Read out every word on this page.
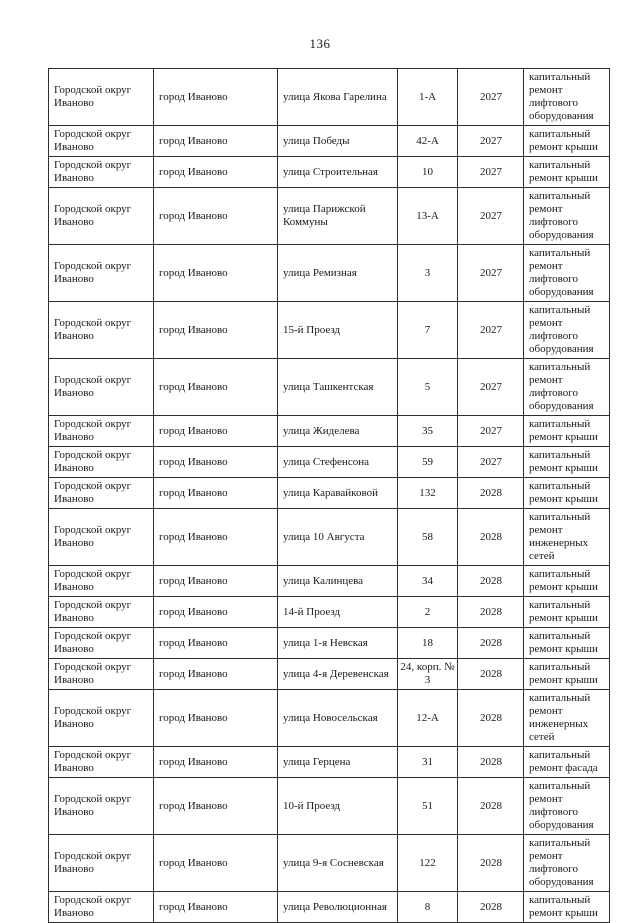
136
Городской округ Иваново	город Иваново	улица Якова Гарелина	1-А	2027	капитальный ремонт лифтового оборудования
Городской округ Иваново	город Иваново	улица Победы	42-А	2027	капитальный ремонт крыши
Городской округ Иваново	город Иваново	улица Строительная	10	2027	капитальный ремонт крыши
Городской округ Иваново	город Иваново	улица Парижской Коммуны	13-А	2027	капитальный ремонт лифтового оборудования
Городской округ Иваново	город Иваново	улица Ремизная	3	2027	капитальный ремонт лифтового оборудования
Городской округ Иваново	город Иваново	15-й Проезд	7	2027	капитальный ремонт лифтового оборудования
Городской округ Иваново	город Иваново	улица Ташкентская	5	2027	капитальный ремонт лифтового оборудования
Городской округ Иваново	город Иваново	улица Жиделева	35	2027	капитальный ремонт крыши
Городской округ Иваново	город Иваново	улица Стефенсона	59	2027	капитальный ремонт крыши
Городской округ Иваново	город Иваново	улица Каравайковой	132	2028	капитальный ремонт крыши
Городской округ Иваново	город Иваново	улица 10 Августа	58	2028	капитальный ремонт инженерных сетей
Городской округ Иваново	город Иваново	улица Калинцева	34	2028	капитальный ремонт крыши
Городской округ Иваново	город Иваново	14-й Проезд	2	2028	капитальный ремонт крыши
Городской округ Иваново	город Иваново	улица 1-я Невская	18	2028	капитальный ремонт крыши
Городской округ Иваново	город Иваново	улица 4-я Деревенская	24, корп. № 3	2028	капитальный ремонт крыши
Городской округ Иваново	город Иваново	улица Новосельская	12-А	2028	капитальный ремонт инженерных сетей
Городской округ Иваново	город Иваново	улица Герцена	31	2028	капитальный ремонт фасада
Городской округ Иваново	город Иваново	10-й Проезд	51	2028	капитальный ремонт лифтового оборудования
Городской округ Иваново	город Иваново	улица 9-я Сосневская	122	2028	капитальный ремонт лифтового оборудования
Городской округ Иваново	город Иваново	улица Революционная	8	2028	капитальный ремонт крыши
